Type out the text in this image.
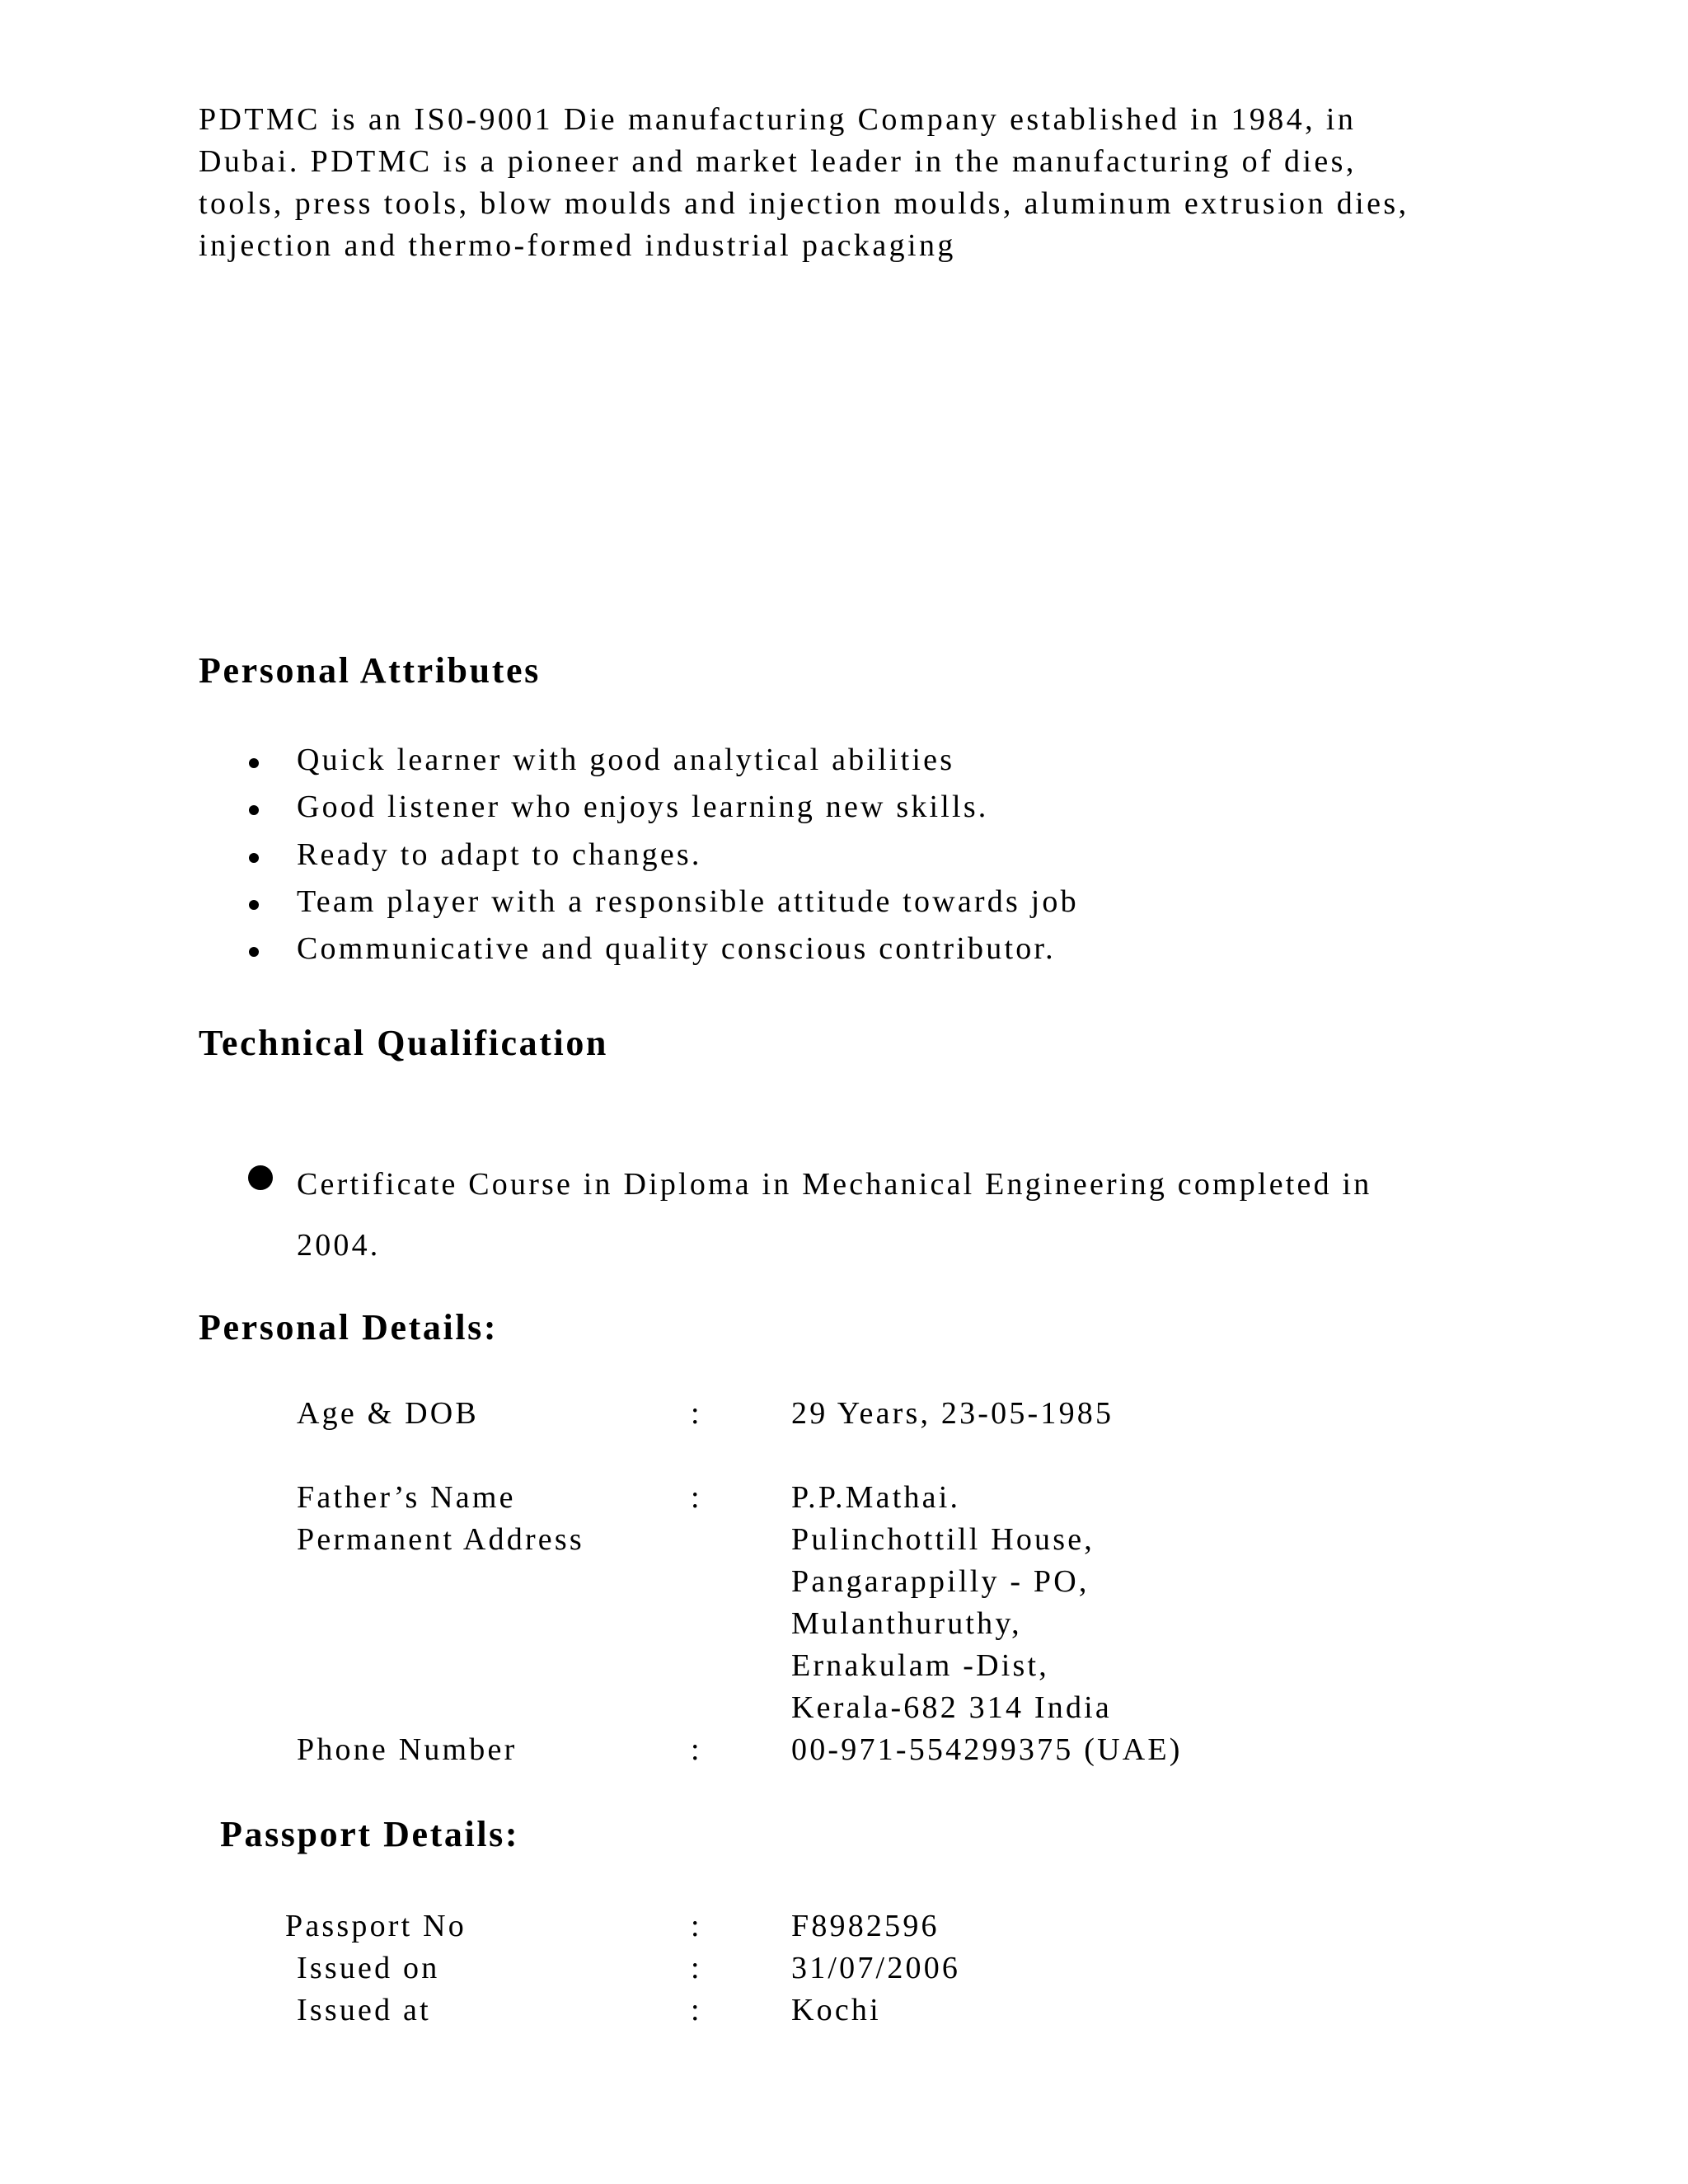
PDTMC is an IS0-9001 Die manufacturing Company established in 1984, in
Dubai. PDTMC is a pioneer and market leader in the manufacturing of dies,
tools, press tools, blow moulds and injection moulds, aluminum extrusion dies,
injection and thermo-formed industrial packaging
Personal Attributes
Quick learner with good analytical abilities
Good listener who enjoys learning new skills.
Ready to adapt to changes.
Team player with a responsible attitude towards job
Communicative and quality conscious contributor.
Technical Qualification
Certificate Course in Diploma in Mechanical Engineering completed in
2004.
Personal Details:
Age & DOB	:	29 Years, 23-05-1985
Father’s Name	:	P.P.Mathai.
Permanent Address	Pulinchottill House,
Pangarappilly - PO,
Mulanthuruthy,
Ernakulam -Dist,
Kerala-682 314 India
Phone Number	:	00-971-554299375 (UAE)
Passport Details:
Passport No	:	F8982596
Issued on	:	31/07/2006
Issued at	:	Kochi
